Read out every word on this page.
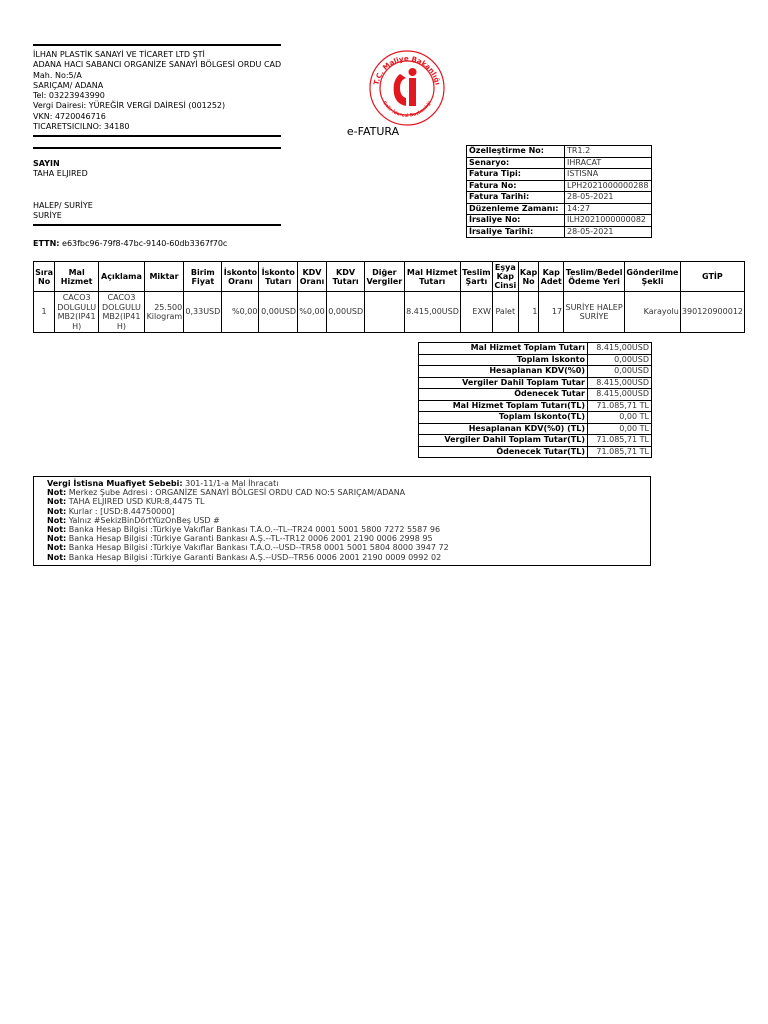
İLHAN PLASTİK SANAYİ VE TİCARET LTD ŞTİ
ADANA HACI SABANCI ORGANİZE SANAYİ BÖLGESİ ORDU CAD
Mah. No:5/A
SARIÇAM/ ADANA
Tel: 03223943990
Vergi Dairesi: YÜREĞİR VERGİ DAİRESİ (001252)
VKN: 4720046716
TICARETSICILNO: 34180
T.C. Maliye Bakanlığı
Gelir İdaresi Başkanlığı
Gİ
e-FATURA
SAYIN
TAHA ELJIRED
HALEP/ SURİYE
SURİYE
ETTN: e63fbc96-79f8-47bc-9140-60db3367f70c
Özelleştirme No:	TR1.2
Senaryo:	IHRACAT
Fatura Tipi:	ISTISNA
Fatura No:	LPH2021000000288
Fatura Tarihi:	28-05-2021
Düzenleme Zamanı:	14:27
İrsaliye No:	ILH2021000000082
İrsaliye Tarihi:	28-05-2021
Sıra No	Mal Hizmet	Açıklama	Miktar	Birim Fiyat	İskonto Oranı	İskonto Tutarı	KDV Oranı	KDV Tutarı	Diğer Vergiler	Mal Hizmet Tutarı	Teslim Şartı	Eşya Kap Cinsi	Kap No	Kap Adet	Teslim/Bedel Ödeme Yeri	Gönderilme Şekli	GTİP
1	CACO3 DOLGULU MB2(IP41 H)	CACO3 DOLGULU MB2(IP41 H)	25.500 Kilogram	0,33USD	%0,00	0,00USD	%0,00	0,00USD		8.415,00USD	EXW	Palet	1	17	SURİYE HALEP SURİYE	Karayolu	390120900012
Mal Hizmet Toplam Tutarı	8.415,00USD
Toplam İskonto	0,00USD
Hesaplanan KDV(%0)	0,00USD
Vergiler Dahil Toplam Tutar	8.415,00USD
Ödenecek Tutar	8.415,00USD
Mal Hizmet Toplam Tutarı(TL)	71.085,71 TL
Toplam İskonto(TL)	0,00 TL
Hesaplanan KDV(%0) (TL)	0,00 TL
Vergiler Dahil Toplam Tutar(TL)	71.085,71 TL
Ödenecek Tutar(TL)	71.085,71 TL
Vergi İstisna Muafiyet Sebebi: 301-11/1-a Mal İhracatı
Not: Merkez Şube Adresi : ORGANİZE SANAYİ BÖLGESİ ORDU CAD NO:5 SARIÇAM/ADANA
Not: TAHA ELJIRED USD KUR:8,4475 TL
Not: Kurlar : [USD:8.44750000]
Not: Yalnız #SekizBinDörtYüzOnBeş USD #
Not: Banka Hesap Bilgisi :Türkiye Vakıflar Bankası T.A.O.--TL--TR24 0001 5001 5800 7272 5587 96
Not: Banka Hesap Bilgisi :Türkiye Garanti Bankası A.Ş.--TL--TR12 0006 2001 2190 0006 2998 95
Not: Banka Hesap Bilgisi :Türkiye Vakıflar Bankası T.A.O.--USD--TR58 0001 5001 5804 8000 3947 72
Not: Banka Hesap Bilgisi :Türkiye Garanti Bankası A.Ş.--USD--TR56 0006 2001 2190 0009 0992 02
